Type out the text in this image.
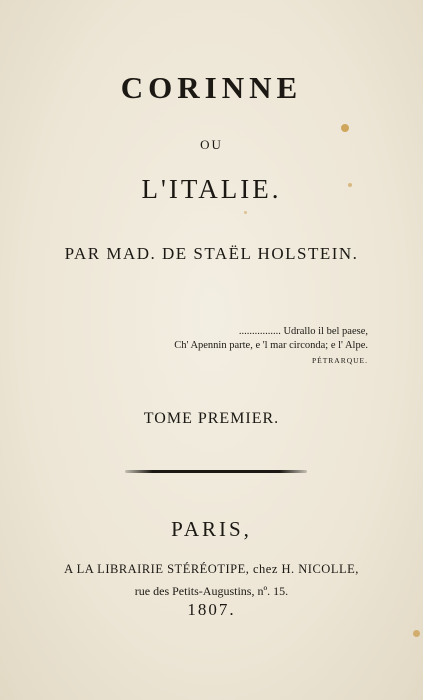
CORINNE
OU
L'ITALIE.
PAR MAD. DE STAËL HOLSTEIN.
................ Udrallo il bel paese,
Ch' Apennin parte, e 'l mar circonda; e l' Alpe.
PÉTRARQUE.
TOME PREMIER.
PARIS,
A LA LIBRAIRIE STÉRÉOTIPE, chez H. NICOLLE,
rue des Petits-Augustins, nº. 15.
1807.
